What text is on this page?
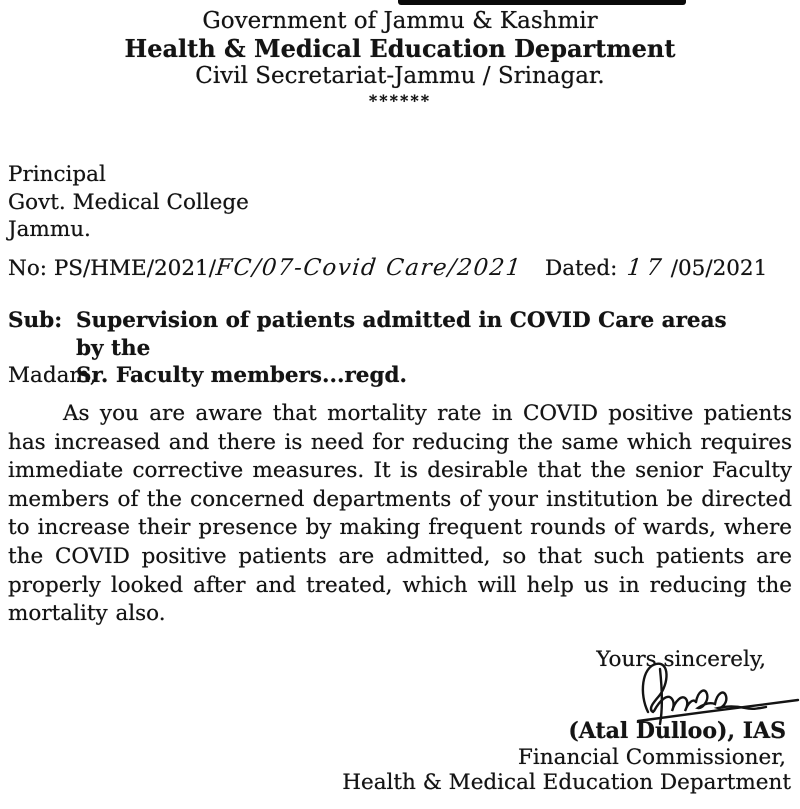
Government of Jammu & Kashmir
Health & Medical Education Department
Civil Secretariat-Jammu / Srinagar.
******
Principal
Govt. Medical College
Jammu.
No: PS/HME/2021/FC/07-Covid Care/2021 Dated: 17 /05/2021
Sub: Supervision of patients admitted in COVID Care areas by the
Sr. Faculty members...regd.
Madam,
As you are aware that mortality rate in COVID positive patients
has increased and there is need for reducing the same which requires
immediate corrective measures. It is desirable that the senior Faculty
members of the concerned departments of your institution be directed
to increase their presence by making frequent rounds of wards, where
the COVID positive patients are admitted, so that such patients are
properly looked after and treated, which will help us in reducing the
mortality also.
Yours sincerely,
(Atal Dulloo), IAS
Financial Commissioner,
Health & Medical Education Department
